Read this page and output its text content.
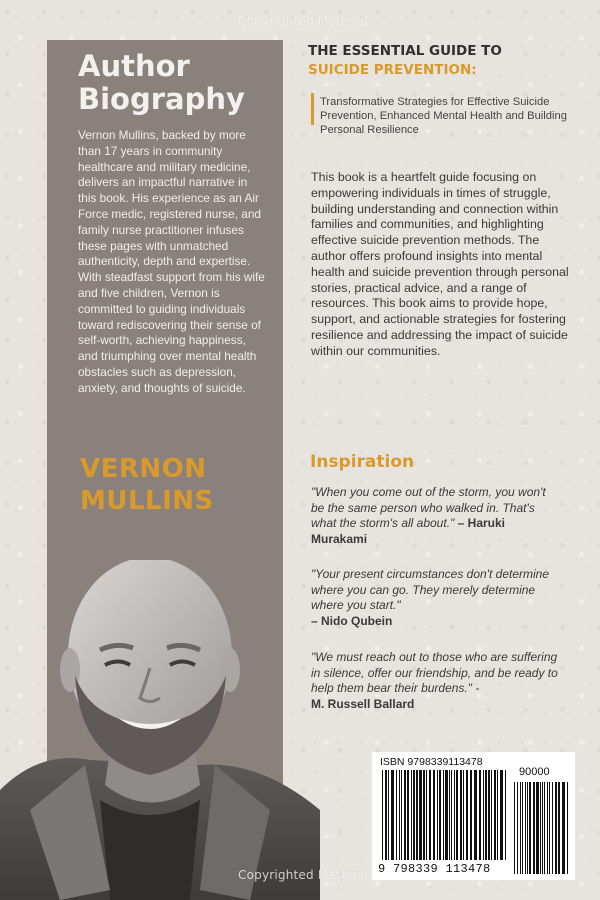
Copyrighted Material
Author Biography
Vernon Mullins, backed by more than 17 years in community healthcare and military medicine, delivers an impactful narrative in this book. His experience as an Air Force medic, registered nurse, and family nurse practitioner infuses these pages with unmatched authenticity, depth and expertise. With steadfast support from his wife and five children, Vernon is committed to guiding individuals toward rediscovering their sense of self-worth, achieving happiness, and triumphing over mental health obstacles such as depression, anxiety, and thoughts of suicide.
VERNON MULLINS
THE ESSENTIAL GUIDE TO
SUICIDE PREVENTION:
Transformative Strategies for Effective Suicide Prevention, Enhanced Mental Health and Building Personal Resilience
This book is a heartfelt guide focusing on empowering individuals in times of struggle, building understanding and connection within families and communities, and highlighting effective suicide prevention methods. The author offers profound insights into mental health and suicide prevention through personal stories, practical advice, and a range of resources. This book aims to provide hope, support, and actionable strategies for fostering resilience and addressing the impact of suicide within our communities.
Inspiration
"When you come out of the storm, you won't be the same person who walked in. That's what the storm's all about." – Haruki Murakami
"Your present circumstances don't determine where you can go. They merely determine where you start."
– Nido Qubein
"We must reach out to those who are suffering in silence, offer our friendship, and be ready to help them bear their burdens." -
M. Russell Ballard
ISBN 9798339113478
90000
9 798339 113478
Copyrighted Material
